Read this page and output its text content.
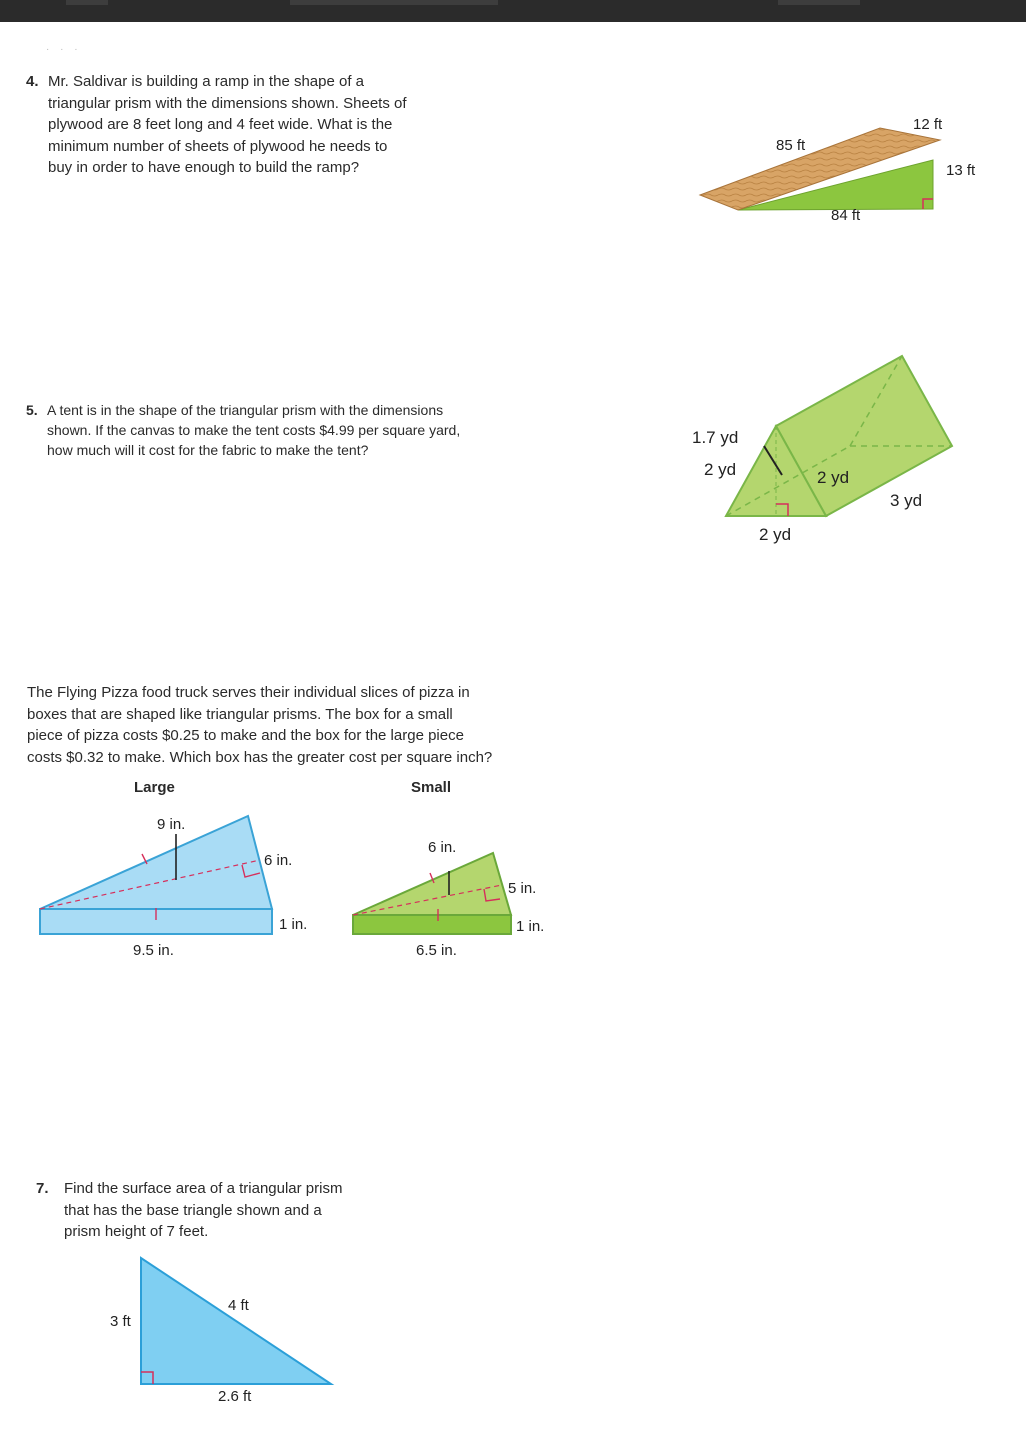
· · ·
4. Mr. Saldivar is building a ramp in the shape of a
triangular prism with the dimensions shown. Sheets of
plywood are 8 feet long and 4 feet wide. What is the
minimum number of sheets of plywood he needs to
buy in order to have enough to build the ramp?
85 ft
12 ft
13 ft
84 ft
5. A tent is in the shape of the triangular prism with the dimensions
shown. If the canvas to make the tent costs $4.99 per square yard,
how much will it cost for the fabric to make the tent?
1.7 yd
2 yd	2 yd
2 yd
3 yd
The Flying Pizza food truck serves their individual slices of pizza in
boxes that are shaped like triangular prisms. The box for a small
piece of pizza costs $0.25 to make and the box for the large piece
costs $0.32 to make. Which box has the greater cost per square inch?
Large	Small
9 in.
6 in.
1 in.
9.5 in.
6 in.
5 in.
1 in.
6.5 in.
7. Find the surface area of a triangular prism
that has the base triangle shown and a
prism height of 7 feet.
3 ft
4 ft
2.6 ft
